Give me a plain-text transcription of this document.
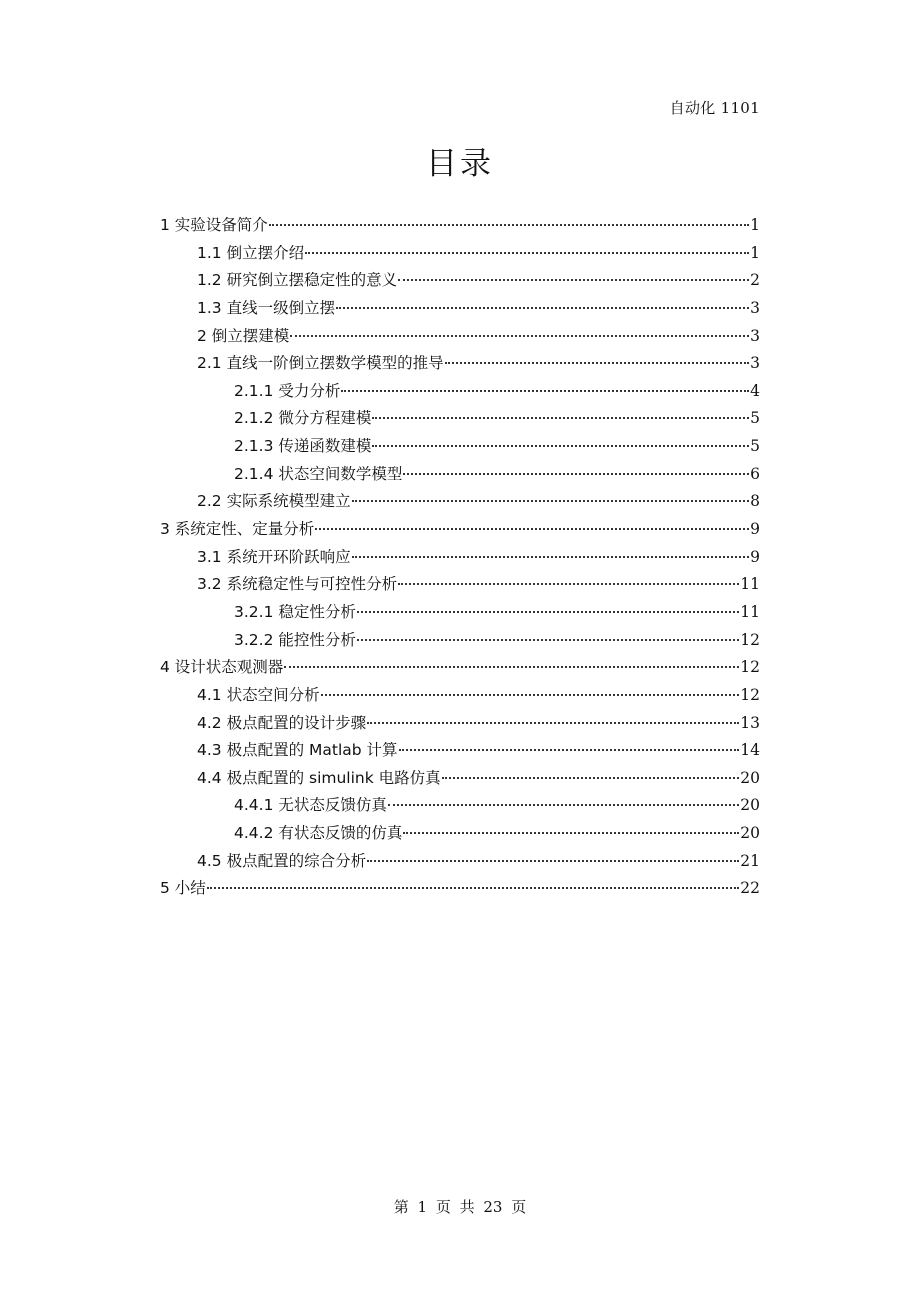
自动化 1101
目录
1 实验设备简介	1
1.1 倒立摆介绍	1
1.2 研究倒立摆稳定性的意义	2
1.3 直线一级倒立摆	3
2 倒立摆建模	3
2.1 直线一阶倒立摆数学模型的推导	3
2.1.1 受力分析	4
2.1.2 微分方程建模	5
2.1.3 传递函数建模	5
2.1.4 状态空间数学模型	6
2.2 实际系统模型建立	8
3 系统定性、定量分析	9
3.1 系统开环阶跃响应	9
3.2 系统稳定性与可控性分析	11
3.2.1 稳定性分析	11
3.2.2 能控性分析	12
4 设计状态观测器	12
4.1 状态空间分析	12
4.2 极点配置的设计步骤	13
4.3 极点配置的 Matlab 计算	14
4.4 极点配置的 simulink 电路仿真	20
4.4.1 无状态反馈仿真	20
4.4.2 有状态反馈的仿真	20
4.5 极点配置的综合分析	21
5 小结	22
第 1 页 共 23 页
